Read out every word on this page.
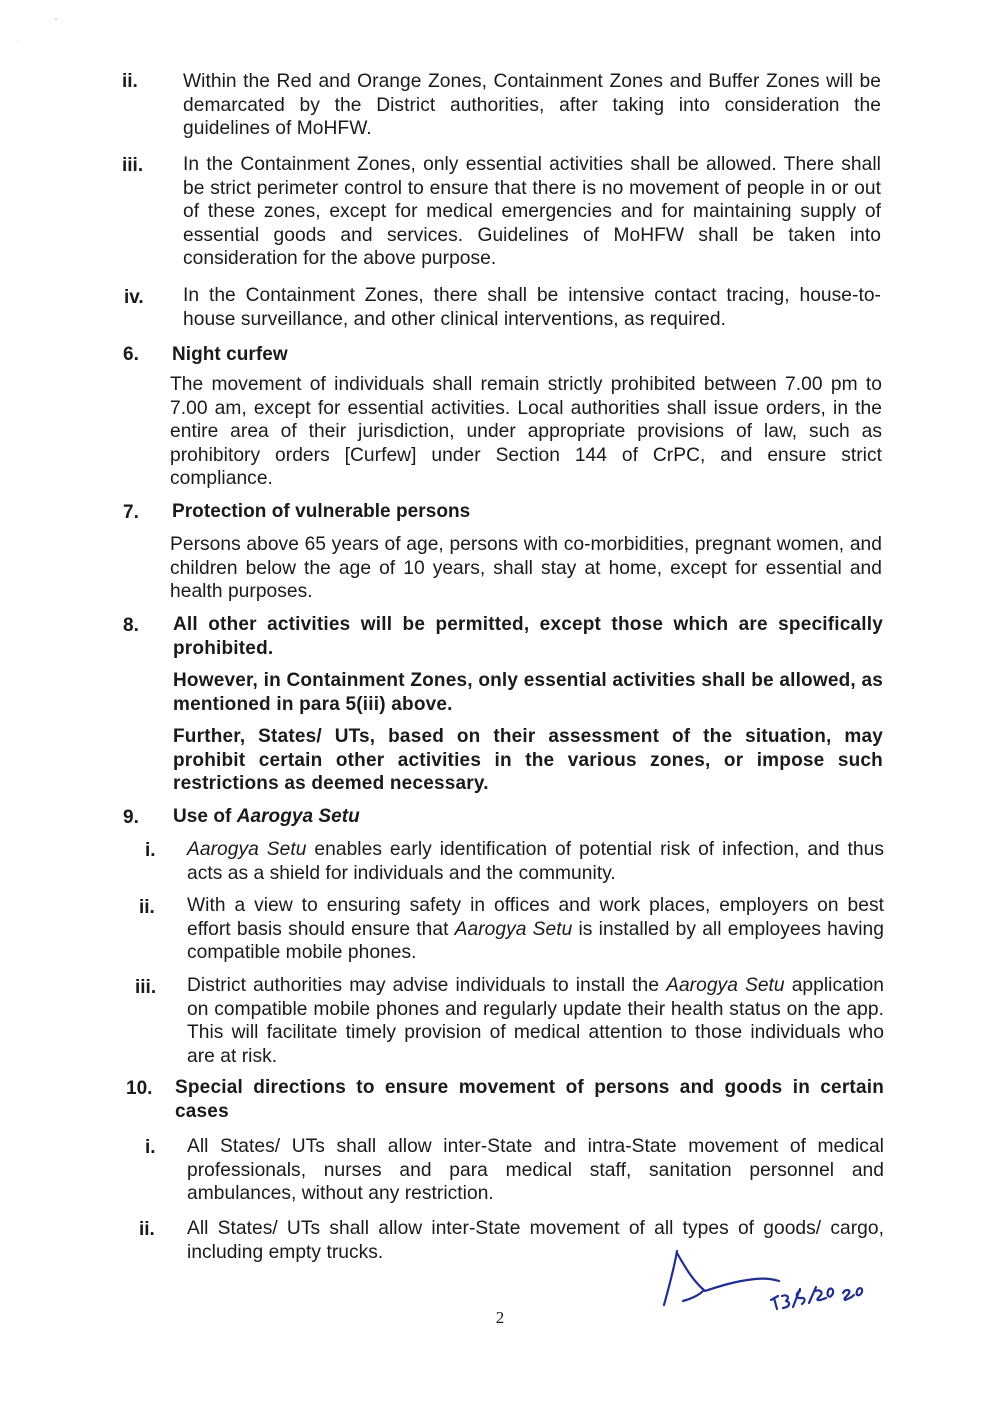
ii. Within the Red and Orange Zones, Containment Zones and Buffer Zones will be demarcated by the District authorities, after taking into consideration the guidelines of MoHFW.
iii. In the Containment Zones, only essential activities shall be allowed. There shall be strict perimeter control to ensure that there is no movement of people in or out of these zones, except for medical emergencies and for maintaining supply of essential goods and services. Guidelines of MoHFW shall be taken into consideration for the above purpose.
iv. In the Containment Zones, there shall be intensive contact tracing, house-to-house surveillance, and other clinical interventions, as required.
6. Night curfew
The movement of individuals shall remain strictly prohibited between 7.00 pm to 7.00 am, except for essential activities. Local authorities shall issue orders, in the entire area of their jurisdiction, under appropriate provisions of law, such as prohibitory orders [Curfew] under Section 144 of CrPC, and ensure strict compliance.
7. Protection of vulnerable persons
Persons above 65 years of age, persons with co-morbidities, pregnant women, and children below the age of 10 years, shall stay at home, except for essential and health purposes.
8. All other activities will be permitted, except those which are specifically prohibited.
However, in Containment Zones, only essential activities shall be allowed, as mentioned in para 5(iii) above.
Further, States/ UTs, based on their assessment of the situation, may prohibit certain other activities in the various zones, or impose such restrictions as deemed necessary.
9. Use of Aarogya Setu
i. Aarogya Setu enables early identification of potential risk of infection, and thus acts as a shield for individuals and the community.
ii. With a view to ensuring safety in offices and work places, employers on best effort basis should ensure that Aarogya Setu is installed by all employees having compatible mobile phones.
iii. District authorities may advise individuals to install the Aarogya Setu application on compatible mobile phones and regularly update their health status on the app. This will facilitate timely provision of medical attention to those individuals who are at risk.
10. Special directions to ensure movement of persons and goods in certain cases
i. All States/ UTs shall allow inter-State and intra-State movement of medical professionals, nurses and para medical staff, sanitation personnel and ambulances, without any restriction.
ii. All States/ UTs shall allow inter-State movement of all types of goods/ cargo, including empty trucks.
2
